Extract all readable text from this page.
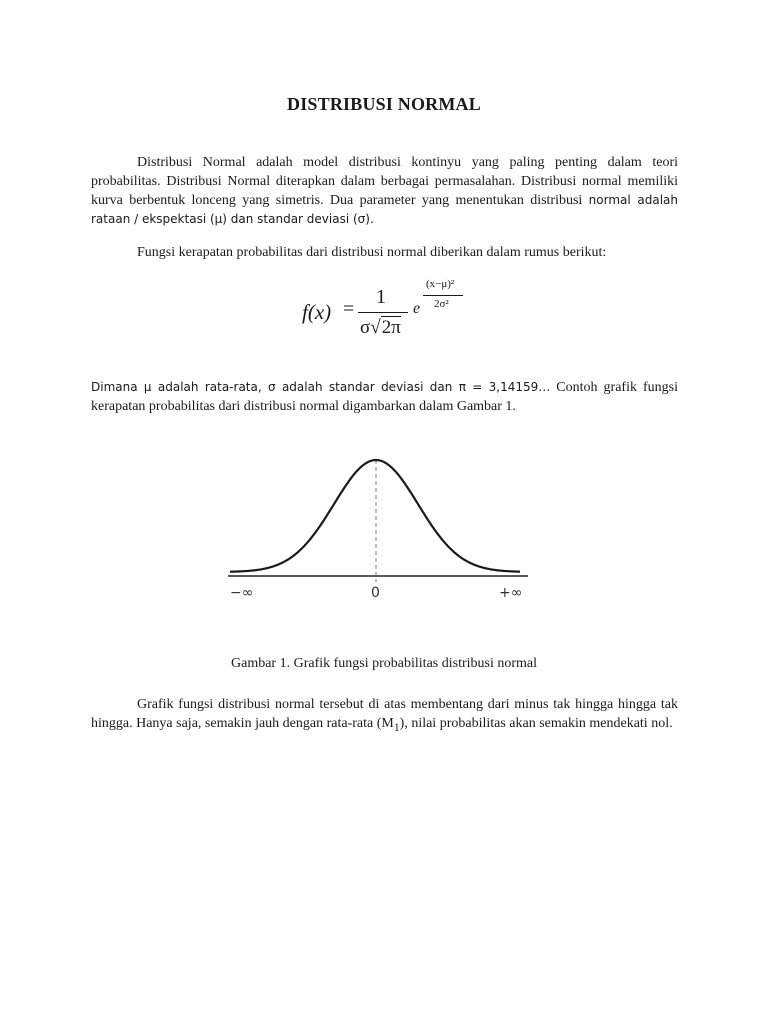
DISTRIBUSI NORMAL
Distribusi Normal adalah model distribusi kontinyu yang paling penting dalam teori probabilitas. Distribusi Normal diterapkan dalam berbagai permasalahan. Distribusi normal memiliki kurva berbentuk lonceng yang simetris. Dua parameter yang menentukan distribusi normal adalah rataan / ekspektasi (μ) dan standar deviasi (σ).
Fungsi kerapatan probabilitas dari distribusi normal diberikan dalam rumus berikut:
f(x) =
1
σ√2π
e
(x−μ)²
2σ²
Dimana μ adalah rata-rata, σ adalah standar deviasi dan π = 3,14159… Contoh grafik fungsi kerapatan probabilitas dari distribusi normal digambarkan dalam Gambar 1.
−∞	0	+∞
Gambar 1. Grafik fungsi probabilitas distribusi normal
Grafik fungsi distribusi normal tersebut di atas membentang dari minus tak hingga hingga tak hingga. Hanya saja, semakin jauh dengan rata-rata $(M_1)$, nilai probabilitas akan semakin mendekati nol.
